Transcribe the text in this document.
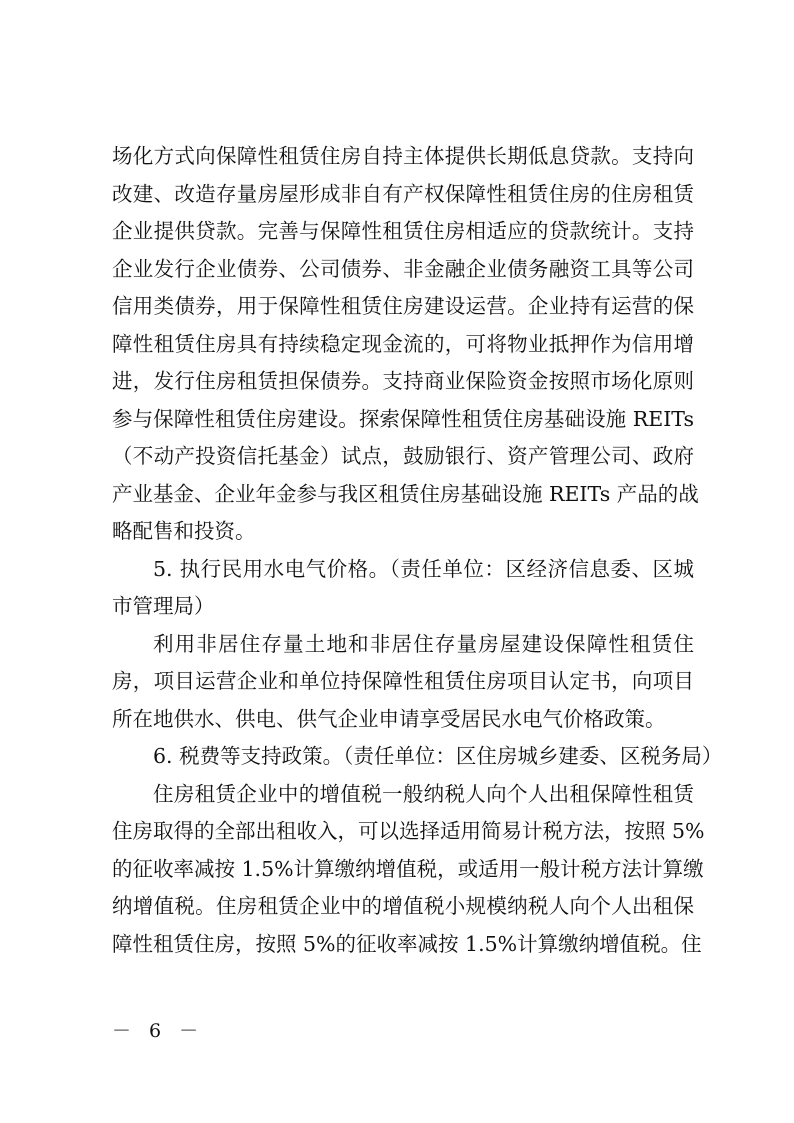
场化方式向保障性租赁住房自持主体提供长期低息贷款。支持向
改建、改造存量房屋形成非自有产权保障性租赁住房的住房租赁
企业提供贷款。完善与保障性租赁住房相适应的贷款统计。支持
企业发行企业债券、公司债券、非金融企业债务融资工具等公司
信用类债券，用于保障性租赁住房建设运营。企业持有运营的保
障性租赁住房具有持续稳定现金流的，可将物业抵押作为信用增
进，发行住房租赁担保债券。支持商业保险资金按照市场化原则
参与保障性租赁住房建设。探索保障性租赁住房基础设施 REITs
（不动产投资信托基金）试点，鼓励银行、资产管理公司、政府
产业基金、企业年金参与我区租赁住房基础设施 REITs 产品的战
略配售和投资。
5. 执行民用水电气价格。（责任单位：区经济信息委、区城
市管理局）
利用非居住存量土地和非居住存量房屋建设保障性租赁住
房，项目运营企业和单位持保障性租赁住房项目认定书，向项目
所在地供水、供电、供气企业申请享受居民水电气价格政策。
6. 税费等支持政策。（责任单位：区住房城乡建委、区税务局）
住房租赁企业中的增值税一般纳税人向个人出租保障性租赁
住房取得的全部出租收入，可以选择适用简易计税方法，按照 5%
的征收率减按 1.5%计算缴纳增值税，或适用一般计税方法计算缴
纳增值税。住房租赁企业中的增值税小规模纳税人向个人出租保
障性租赁住房，按照 5%的征收率减按 1.5%计算缴纳增值税。住
－ 6 －
